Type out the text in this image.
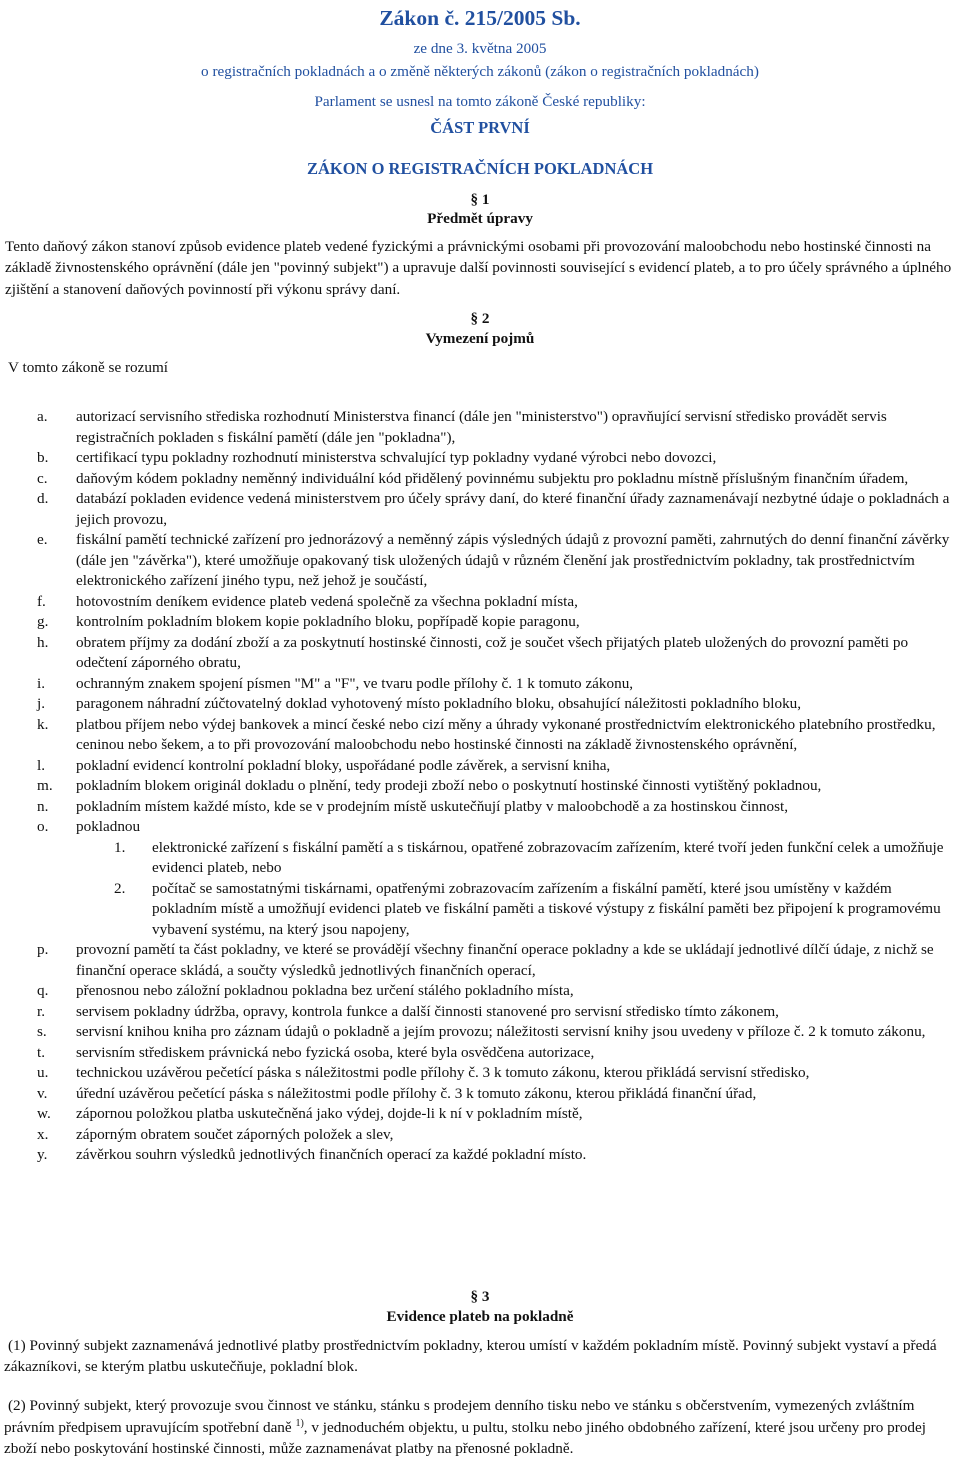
Zákon č. 215/2005 Sb.
ze dne 3. května 2005
o registračních pokladnách a o změně některých zákonů (zákon o registračních pokladnách)
Parlament se usnesl na tomto zákoně České republiky:
ČÁST PRVNÍ
ZÁKON O REGISTRAČNÍCH POKLADNÁCH
§ 1
Předmět úpravy
Tento daňový zákon stanoví způsob evidence plateb vedené fyzickými a právnickými osobami při provozování maloobchodu nebo hostinské činnosti na základě živnostenského oprávnění (dále jen "povinný subjekt") a upravuje další povinnosti související s evidencí plateb, a to pro účely správného a úplného zjištění a stanovení daňových povinností při výkonu správy daní.
§ 2
Vymezení pojmů
V tomto zákoně se rozumí
a. autorizací servisního střediska rozhodnutí Ministerstva financí (dále jen "ministerstvo") opravňující servisní středisko provádět servis registračních pokladen s fiskální pamětí (dále jen "pokladna"),
b. certifikací typu pokladny rozhodnutí ministerstva schvalující typ pokladny vydané výrobci nebo dovozci,
c. daňovým kódem pokladny neměnný individuální kód přidělený povinnému subjektu pro pokladnu místně příslušným finančním úřadem,
d. databází pokladen evidence vedená ministerstvem pro účely správy daní, do které finanční úřady zaznamenávají nezbytné údaje o pokladnách a jejich provozu,
e. fiskální pamětí technické zařízení pro jednorázový a neměnný zápis výsledných údajů z provozní paměti, zahrnutých do denní finanční závěrky (dále jen "závěrka"), které umožňuje opakovaný tisk uložených údajů v různém členění jak prostřednictvím pokladny, tak prostřednictvím elektronického zařízení jiného typu, než jehož je součástí,
f. hotovostním deníkem evidence plateb vedená společně za všechna pokladní místa,
g. kontrolním pokladním blokem kopie pokladního bloku, popřípadě kopie paragonu,
h. obratem příjmy za dodání zboží a za poskytnutí hostinské činnosti, což je součet všech přijatých plateb uložených do provozní paměti po odečtení záporného obratu,
i. ochranným znakem spojení písmen "M" a "F", ve tvaru podle přílohy č. 1 k tomuto zákonu,
j. paragonem náhradní zúčtovatelný doklad vyhotovený místo pokladního bloku, obsahující náležitosti pokladního bloku,
k. platbou příjem nebo výdej bankovek a mincí české nebo cizí měny a úhrady vykonané prostřednictvím elektronického platebního prostředku, ceninou nebo šekem, a to při provozování maloobchodu nebo hostinské činnosti na základě živnostenského oprávnění,
l. pokladní evidencí kontrolní pokladní bloky, uspořádané podle závěrek, a servisní kniha,
m. pokladním blokem originál dokladu o plnění, tedy prodeji zboží nebo o poskytnutí hostinské činnosti vytištěný pokladnou,
n. pokladním místem každé místo, kde se v prodejním místě uskutečňují platby v maloobchodě a za hostinskou činnost,
o. pokladnou
1. elektronické zařízení s fiskální pamětí a s tiskárnou, opatřené zobrazovacím zařízením, které tvoří jeden funkční celek a umožňuje evidenci plateb, nebo
2. počítač se samostatnými tiskárnami, opatřenými zobrazovacím zařízením a fiskální pamětí, které jsou umístěny v každém pokladním místě a umožňují evidenci plateb ve fiskální paměti a tiskové výstupy z fiskální paměti bez připojení k programovému vybavení systému, na který jsou napojeny,
p. provozní pamětí ta část pokladny, ve které se provádějí všechny finanční operace pokladny a kde se ukládají jednotlivé dílčí údaje, z nichž se finanční operace skládá, a součty výsledků jednotlivých finančních operací,
q. přenosnou nebo záložní pokladnou pokladna bez určení stálého pokladního místa,
r. servisem pokladny údržba, opravy, kontrola funkce a další činnosti stanovené pro servisní středisko tímto zákonem,
s. servisní knihou kniha pro záznam údajů o pokladně a jejím provozu; náležitosti servisní knihy jsou uvedeny v příloze č. 2 k tomuto zákonu,
t. servisním střediskem právnická nebo fyzická osoba, které byla osvědčena autorizace,
u. technickou uzávěrou pečetící páska s náležitostmi podle přílohy č. 3 k tomuto zákonu, kterou přikládá servisní středisko,
v. úřední uzávěrou pečetící páska s náležitostmi podle přílohy č. 3 k tomuto zákonu, kterou přikládá finanční úřad,
w. zápornou položkou platba uskutečněná jako výdej, dojde-li k ní v pokladním místě,
x. záporným obratem součet záporných položek a slev,
y. závěrkou souhrn výsledků jednotlivých finančních operací za každé pokladní místo.
§ 3
Evidence plateb na pokladně
(1) Povinný subjekt zaznamenává jednotlivé platby prostřednictvím pokladny, kterou umístí v každém pokladním místě. Povinný subjekt vystaví a předá zákazníkovi, se kterým platbu uskutečňuje, pokladní blok.
(2) Povinný subjekt, který provozuje svou činnost ve stánku, stánku s prodejem denního tisku nebo ve stánku s občerstvením, vymezených zvláštním právním předpisem upravujícím spotřební daně $^{1)}$, v jednoduchém objektu, u pultu, stolku nebo jiného obdobného zařízení, které jsou určeny pro prodej zboží nebo poskytování hostinské činnosti, může zaznamenávat platby na přenosné pokladně.
